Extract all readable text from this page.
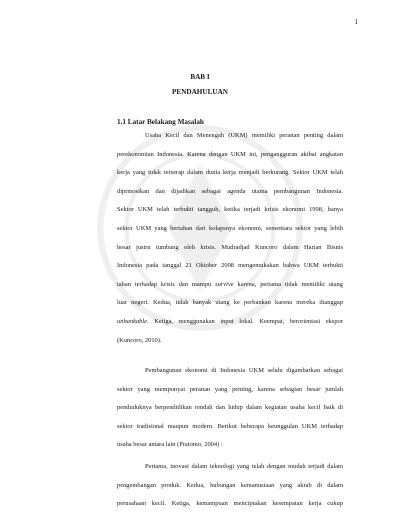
1
BAB I
PENDAHULUAN
1.1 Latar Belakang Masalah
Usaha Kecil dan Menengah (UKM) memiliki peranan penting dalam
perekonomian Indonesia. Karena dengan UKM ini, pengangguran akibat angkatan
kerja yang tidak terserap dalam dunia kerja menjadi berkurang. Sektor UKM telah
diprmosikan dan dijadikan sebagai agenda utama pembangunan Indonesia.
Sektor UKM telah terbukti tangguh, ketika terjadi krisis ekonomi 1998, hanya
sektor UKM yang bertahan dari kolapsnya ekonomi, sementara sektor yang lebih
besar justru tumbang oleh krisis. Mudradjad Kuncoro dalam Harian Bisnis
Indonesia pada tanggal 21 Oktober 2008 mengemukakan bahwa UKM terbukti
tahan terhadap krisis dan mampu survive karena, pertama tidak memiliki utang
luar negeri. Kedua, tidak banyak utang ke perbankan karena mereka dianggap
unbankable. Ketiga, menggunakan input lokal. Keempat, berorientasi ekspor
(Kuncoro, 2010).
Pembangunan ekonomi di Indonesia UKM selalu digambarkan sebagai
sektor yang mempunyai peranan yang penting, karena sebagian besar jumlah
penduduknya berpendidikan rendah dan hidup dalam kegiatan usaha kecil baik di
sektor tradisional maupun modern. Berikut beberapa keunggulan UKM terhadap
usaha besar antara lain (Pratomo, 2004) :
Pertama, inovasi dalam teknologi yang telah dengan mudah terjadi dalam
pengembangan produk. Kedua, hubungan kemanusiaan yang akrab di dalam
perusahaan kecil. Ketiga, kemampuan menciptakan kesempatan kerja cukup
